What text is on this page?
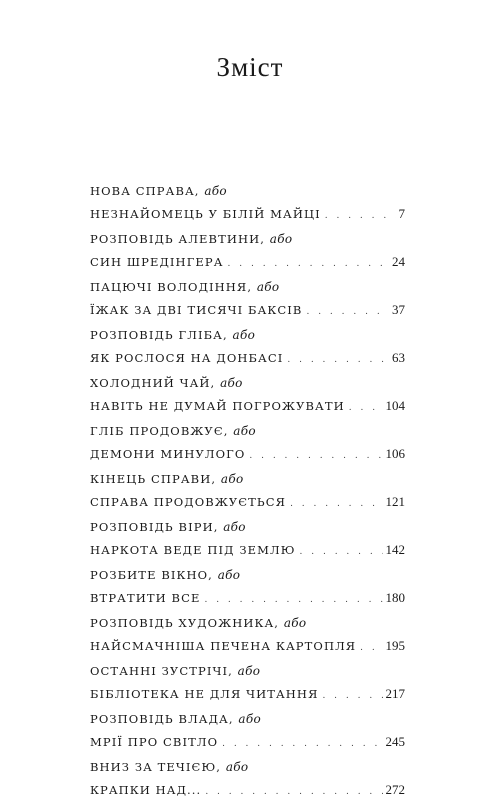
Зміст
НОВА СПРАВА, або
НЕЗНАЙОМЕЦЬ У БІЛІЙ МАЙЦІ . . .	7
РОЗПОВІДЬ АЛЕВТИНИ, або
СИН ШРЕДІНГЕРА . . .	24
ПАЦЮЧІ ВОЛОДІННЯ, або
ЇЖАК ЗА ДВІ ТИСЯЧІ БАКСІВ . . .	37
РОЗПОВІДЬ ГЛІБА, або
ЯК РОСЛОСЯ НА ДОНБАСІ . . .	63
ХОЛОДНИЙ ЧАЙ, або
НАВІТЬ НЕ ДУМАЙ ПОГРОЖУВАТИ . . .	104
ГЛІБ ПРОДОВЖУЄ, або
ДЕМОНИ МИНУЛОГО . . .	106
КІНЕЦЬ СПРАВИ, або
СПРАВА ПРОДОВЖУЄТЬСЯ . . .	121
РОЗПОВІДЬ ВІРИ, або
НАРКОТА ВЕДЕ ПІД ЗЕМЛЮ . . .	142
РОЗБИТЕ ВІКНО, або
ВТРАТИТИ ВСЕ . . .	180
РОЗПОВІДЬ ХУДОЖНИКА, або
НАЙСМАЧНІША ПЕЧЕНА КАРТОПЛЯ . . . 195
ОСТАННІ ЗУСТРІЧІ, або
БІБЛІОТЕКА НЕ ДЛЯ ЧИТАННЯ . . .	217
РОЗПОВІДЬ ВЛАДА, або
МРІЇ ПРО СВІТЛО . . .	245
ВНИЗ ЗА ТЕЧІЄЮ, або
КРАПКИ НАД... . . .	272
